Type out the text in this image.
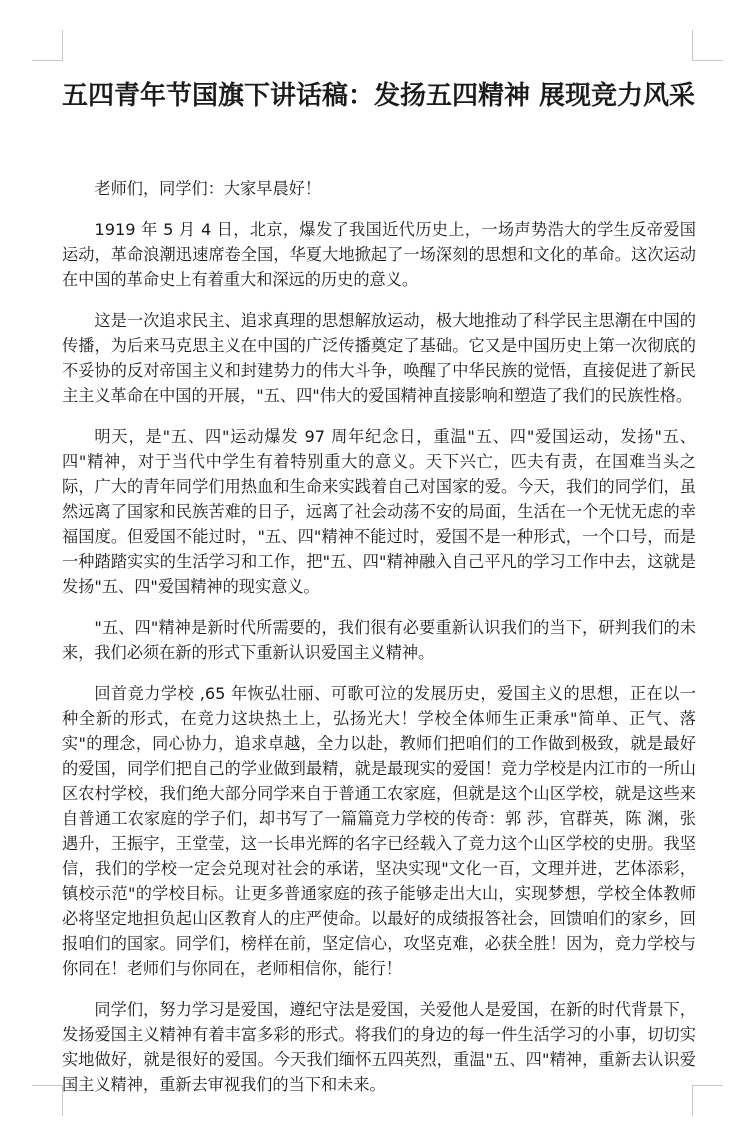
五四青年节国旗下讲话稿：发扬五四精神 展现竞力风采

老师们，同学们：大家早晨好！

1919 年 5 月 4 日，北京，爆发了我国近代历史上，一场声势浩大的学生反帝爱国运动，革命浪潮迅速席卷全国，华夏大地掀起了一场深刻的思想和文化的革命。这次运动在中国的革命史上有着重大和深远的历史的意义。

这是一次追求民主、追求真理的思想解放运动，极大地推动了科学民主思潮在中国的传播，为后来马克思主义在中国的广泛传播奠定了基础。它又是中国历史上第一次彻底的不妥协的反对帝国主义和封建势力的伟大斗争，唤醒了中华民族的觉悟，直接促进了新民主主义革命在中国的开展，"五、四"伟大的爱国精神直接影响和塑造了我们的民族性格。

明天，是"五、四"运动爆发 97 周年纪念日，重温"五、四"爱国运动，发扬"五、四"精神，对于当代中学生有着特别重大的意义。天下兴亡，匹夫有责，在国难当头之际，广大的青年同学们用热血和生命来实践着自己对国家的爱。今天，我们的同学们，虽然远离了国家和民族苦难的日子，远离了社会动荡不安的局面，生活在一个无忧无虑的幸福国度。但爱国不能过时，"五、四"精神不能过时，爱国不是一种形式，一个口号，而是一种踏踏实实的生活学习和工作，把"五、四"精神融入自己平凡的学习工作中去，这就是发扬"五、四"爱国精神的现实意义。

"五、四"精神是新时代所需要的，我们很有必要重新认识我们的当下，研判我们的未来，我们必须在新的形式下重新认识爱国主义精神。

回首竞力学校 ,65 年恢弘壮丽、可歌可泣的发展历史，爱国主义的思想，正在以一种全新的形式，在竞力这块热土上，弘扬光大！学校全体师生正秉承"简单、正气、落实"的理念，同心协力，追求卓越，全力以赴，教师们把咱们的工作做到极致，就是最好的爱国，同学们把自己的学业做到最精，就是最现实的爱国！竞力学校是内江市的一所山区农村学校，我们绝大部分同学来自于普通工农家庭，但就是这个山区学校，就是这些来自普通工农家庭的学子们，却书写了一篇篇竞力学校的传奇：郭 莎，官群英，陈 渊，张遇升，王振宇，王堂莹，这一长串光辉的名字已经载入了竞力这个山区学校的史册。我坚信，我们的学校一定会兑现对社会的承诺，坚决实现"文化一百，文理并进，艺体添彩，镇校示范"的学校目标。让更多普通家庭的孩子能够走出大山，实现梦想，学校全体教师必将坚定地担负起山区教育人的庄严使命。以最好的成绩报答社会，回馈咱们的家乡，回报咱们的国家。同学们，榜样在前，坚定信心，攻坚克难，必获全胜！因为，竞力学校与你同在！老师们与你同在，老师相信你，能行！

同学们，努力学习是爱国，遵纪守法是爱国，关爱他人是爱国，在新的时代背景下，发扬爱国主义精神有着丰富多彩的形式。将我们的身边的每一件生活学习的小事，切切实实地做好，就是很好的爱国。今天我们缅怀五四英烈，重温"五、四"精神，重新去认识爱国主义精神，重新去审视我们的当下和未来。
